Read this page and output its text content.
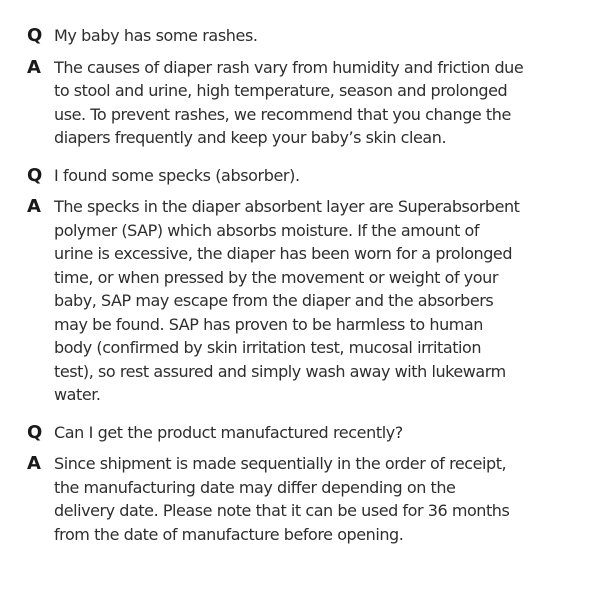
Q My baby has some rashes.
A The causes of diaper rash vary from humidity and friction due
to stool and urine, high temperature, season and prolonged
use. To prevent rashes, we recommend that you change the
diapers frequently and keep your baby’s skin clean.
Q I found some specks (absorber).
A The specks in the diaper absorbent layer are Superabsorbent
polymer (SAP) which absorbs moisture. If the amount of
urine is excessive, the diaper has been worn for a prolonged
time, or when pressed by the movement or weight of your
baby, SAP may escape from the diaper and the absorbers
may be found. SAP has proven to be harmless to human
body (confirmed by skin irritation test, mucosal irritation
test), so rest assured and simply wash away with lukewarm
water.
Q Can I get the product manufactured recently?
A Since shipment is made sequentially in the order of receipt,
the manufacturing date may differ depending on the
delivery date. Please note that it can be used for 36 months
from the date of manufacture before opening.
